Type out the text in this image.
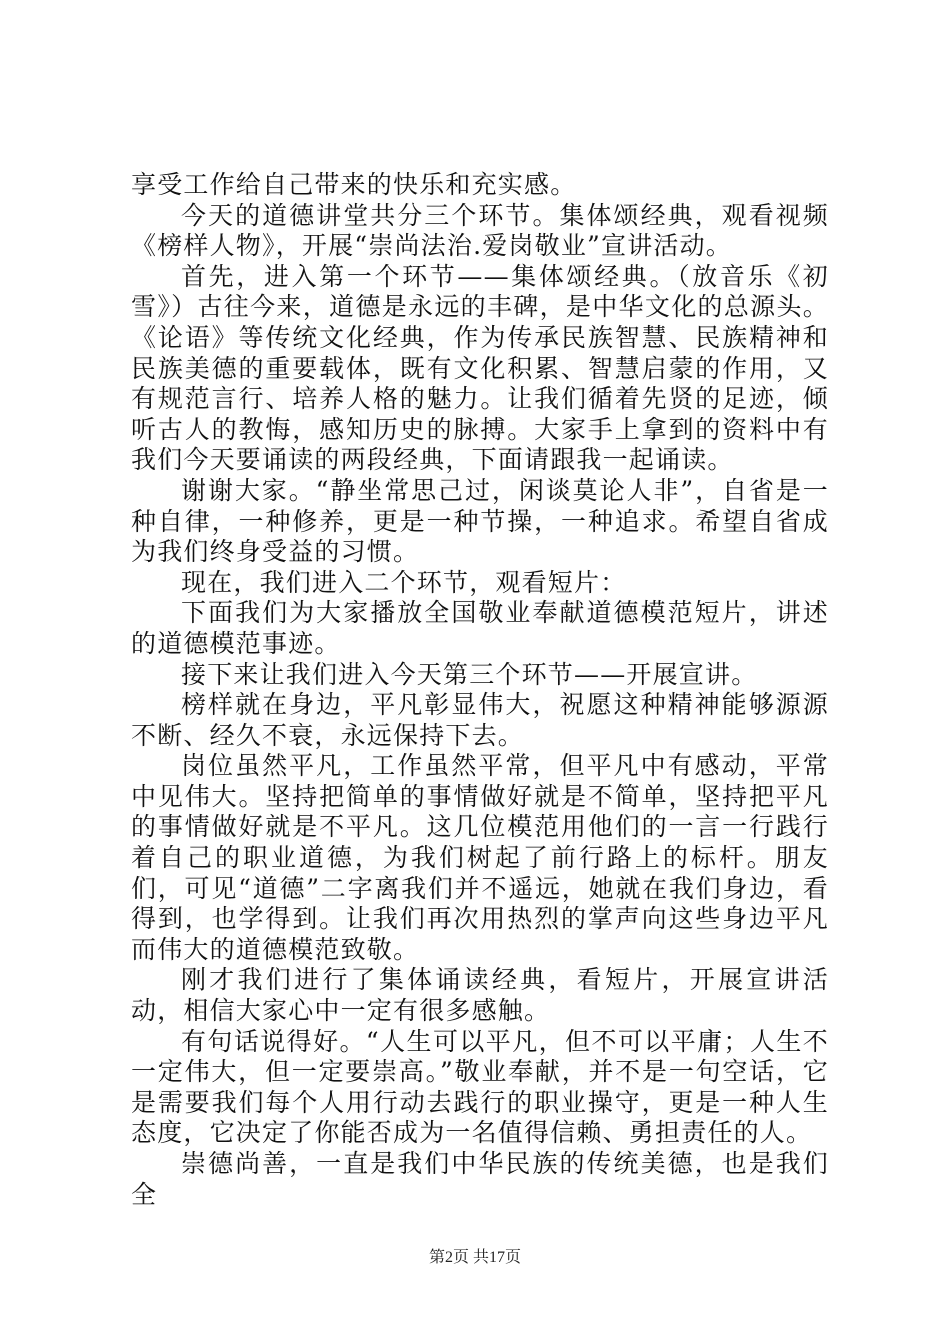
享受工作给自己带来的快乐和充实感。

今天的道德讲堂共分三个环节。集体颂经典，观看视频《榜样人物》，开展“崇尚法治.爱岗敬业”宣讲活动。

首先，进入第一个环节——集体颂经典。（放音乐《初雪》）古往今来，道德是永远的丰碑，是中华文化的总源头。《论语》等传统文化经典，作为传承民族智慧、民族精神和民族美德的重要载体，既有文化积累、智慧启蒙的作用，又有规范言行、培养人格的魅力。让我们循着先贤的足迹，倾听古人的教悔，感知历史的脉搏。大家手上拿到的资料中有我们今天要诵读的两段经典，下面请跟我一起诵读。

谢谢大家。“静坐常思己过，闲谈莫论人非”，自省是一种自律，一种修养，更是一种节操，一种追求。希望自省成为我们终身受益的习惯。

现在，我们进入二个环节，观看短片：

下面我们为大家播放全国敬业奉献道德模范短片，讲述的道德模范事迹。

接下来让我们进入今天第三个环节——开展宣讲。

榜样就在身边，平凡彰显伟大，祝愿这种精神能够源源不断、经久不衰，永远保持下去。

岗位虽然平凡，工作虽然平常，但平凡中有感动，平常中见伟大。坚持把简单的事情做好就是不简单，坚持把平凡的事情做好就是不平凡。这几位模范用他们的一言一行践行着自己的职业道德，为我们树起了前行路上的标杆。朋友们，可见“道德”二字离我们并不遥远，她就在我们身边，看得到，也学得到。让我们再次用热烈的掌声向这些身边平凡而伟大的道德模范致敬。

刚才我们进行了集体诵读经典，看短片，开展宣讲活动，相信大家心中一定有很多感触。

有句话说得好。“人生可以平凡，但不可以平庸；人生不一定伟大，但一定要崇高。”敬业奉献，并不是一句空话，它是需要我们每个人用行动去践行的职业操守，更是一种人生态度，它决定了你能否成为一名值得信赖、勇担责任的人。

崇德尚善，一直是我们中华民族的传统美德，也是我们全

第2页 共17页
